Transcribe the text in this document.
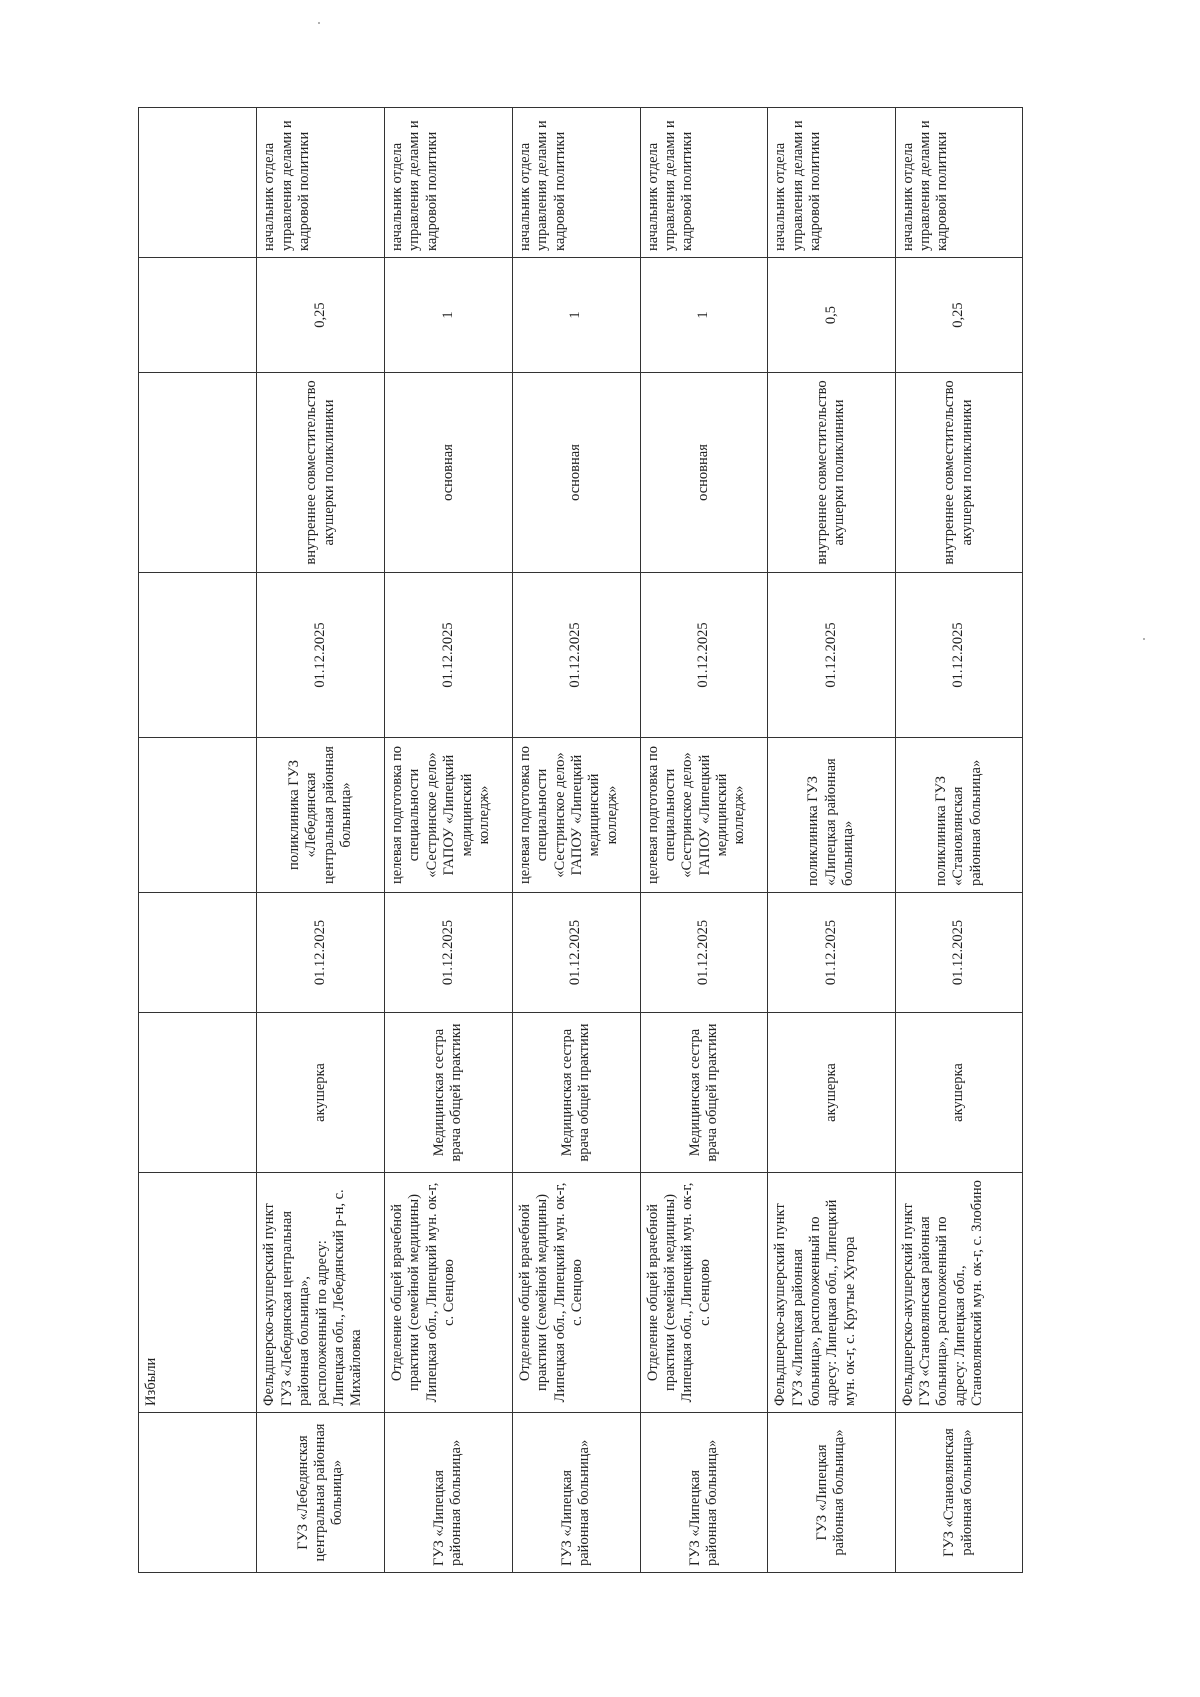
	Избыли							
ГУЗ «Лебедянская центральная районная больница»	Фельдшерско-акушерский пункт ГУЗ «Лебедянская центральная районная больница», расположенный по адресу: Липецкая обл., Лебедянский р-н, с. Михайловка	акушерка	01.12.2025	поликлиника ГУЗ «Лебедянская центральная районная больница»	01.12.2025	внутреннее совместительство акушерки поликлиники	0,25	начальник отдела управления делами и кадровой политики
ГУЗ «Липецкая районная больница»	Отделение общей врачебной практики (семейной медицины) Липецкая обл., Липецкий мун. ок-г, с. Сенцово	Медицинская сестра врача общей практики	01.12.2025	целевая подготовка по специальности «Сестринское дело» ГАПОУ «Липецкий медицинский колледж»	01.12.2025	основная	1	начальник отдела управления делами и кадровой политики
ГУЗ «Липецкая районная больница»	Отделение общей врачебной практики (семейной медицины) Липецкая обл., Липецкий мун. ок-г, с. Сенцово	Медицинская сестра врача общей практики	01.12.2025	целевая подготовка по специальности «Сестринское дело» ГАПОУ «Липецкий медицинский колледж»	01.12.2025	основная	1	начальник отдела управления делами и кадровой политики
ГУЗ «Липецкая районная больница»	Отделение общей врачебной практики (семейной медицины) Липецкая обл., Липецкий мун. ок-г, с. Сенцово	Медицинская сестра врача общей практики	01.12.2025	целевая подготовка по специальности «Сестринское дело» ГАПОУ «Липецкий медицинский колледж»	01.12.2025	основная	1	начальник отдела управления делами и кадровой политики
ГУЗ «Липецкая районная больница»	Фельдшерско-акушерский пункт ГУЗ «Липецкая районная больница», расположенный по адресу: Липецкая обл., Липецкий мун. ок-г, с. Крутые Хутора	акушерка	01.12.2025	поликлиника ГУЗ «Липецкая районная больница»	01.12.2025	внутреннее совместительство акушерки поликлиники	0,5	начальник отдела управления делами и кадровой политики
ГУЗ «Становлянская районная больница»	Фельдшерско-акушерский пункт ГУЗ «Становлянская районная больница», расположенный по адресу: Липецкая обл., Становлянский мун. ок-г, с. Злобино	акушерка	01.12.2025	поликлиника ГУЗ «Становлянская районная больница»	01.12.2025	внутреннее совместительство акушерки поликлиники	0,25	начальник отдела управления делами и кадровой политики
